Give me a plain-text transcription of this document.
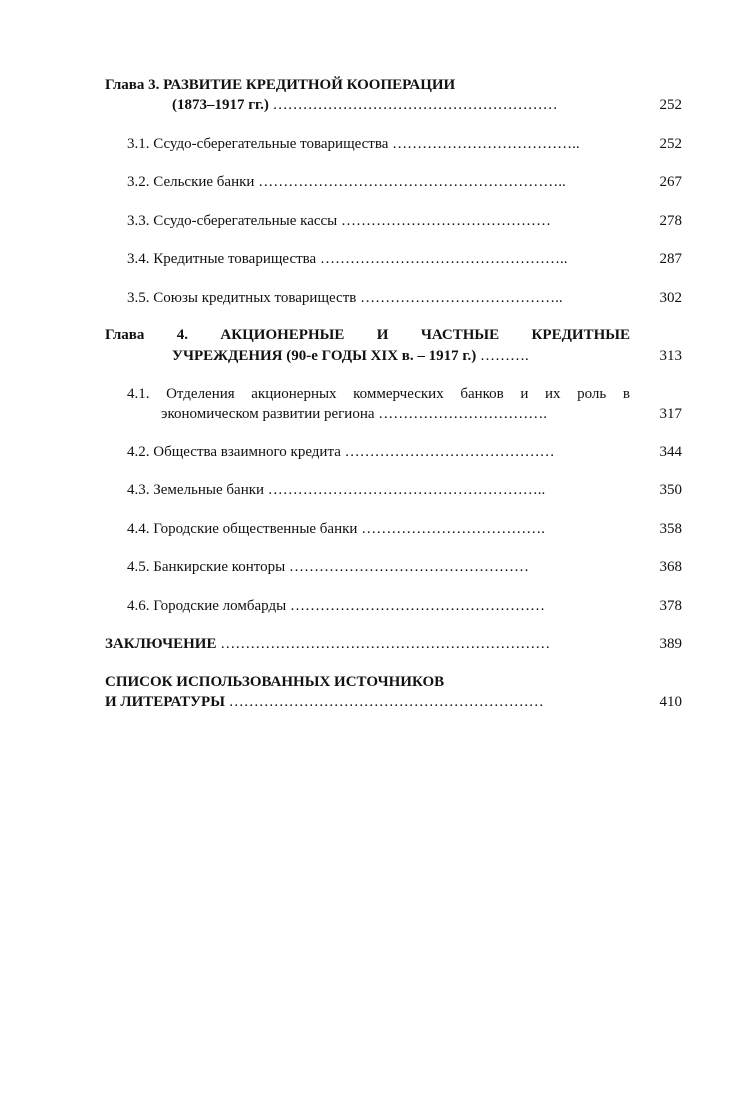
Глава 3. РАЗВИТИЕ КРЕДИТНОЙ КООПЕРАЦИИ
(1873–1917 гг.) …………………………………………………	252
3.1. Ссудо-сберегательные товарищества ………………………………..	252
3.2. Сельские банки ……………………………………………………..	267
3.3. Ссудо-сберегательные кассы ……………………………………	278
3.4. Кредитные товарищества …………………………………………..	287
3.5. Союзы кредитных товариществ …………………………………..	302
Глава 4. АКЦИОНЕРНЫЕ И ЧАСТНЫЕ КРЕДИТНЫЕ
УЧРЕЖДЕНИЯ (90-е ГОДЫ XIX в. – 1917 г.) ……….	313
4.1. Отделения акционерных коммерческих банков и их роль в
экономическом развитии региона …………………………….	317
4.2. Общества взаимного кредита ……………………………………	344
4.3. Земельные банки ………………………………………………..	350
4.4. Городские общественные банки ……………………………….	358
4.5. Банкирские конторы …………………………………………	368
4.6. Городские ломбарды ……………………………………………	378
ЗАКЛЮЧЕНИЕ …………………………………………………………	389
СПИСОК ИСПОЛЬЗОВАННЫХ ИСТОЧНИКОВ
И ЛИТЕРАТУРЫ ………………………………………………………	410
